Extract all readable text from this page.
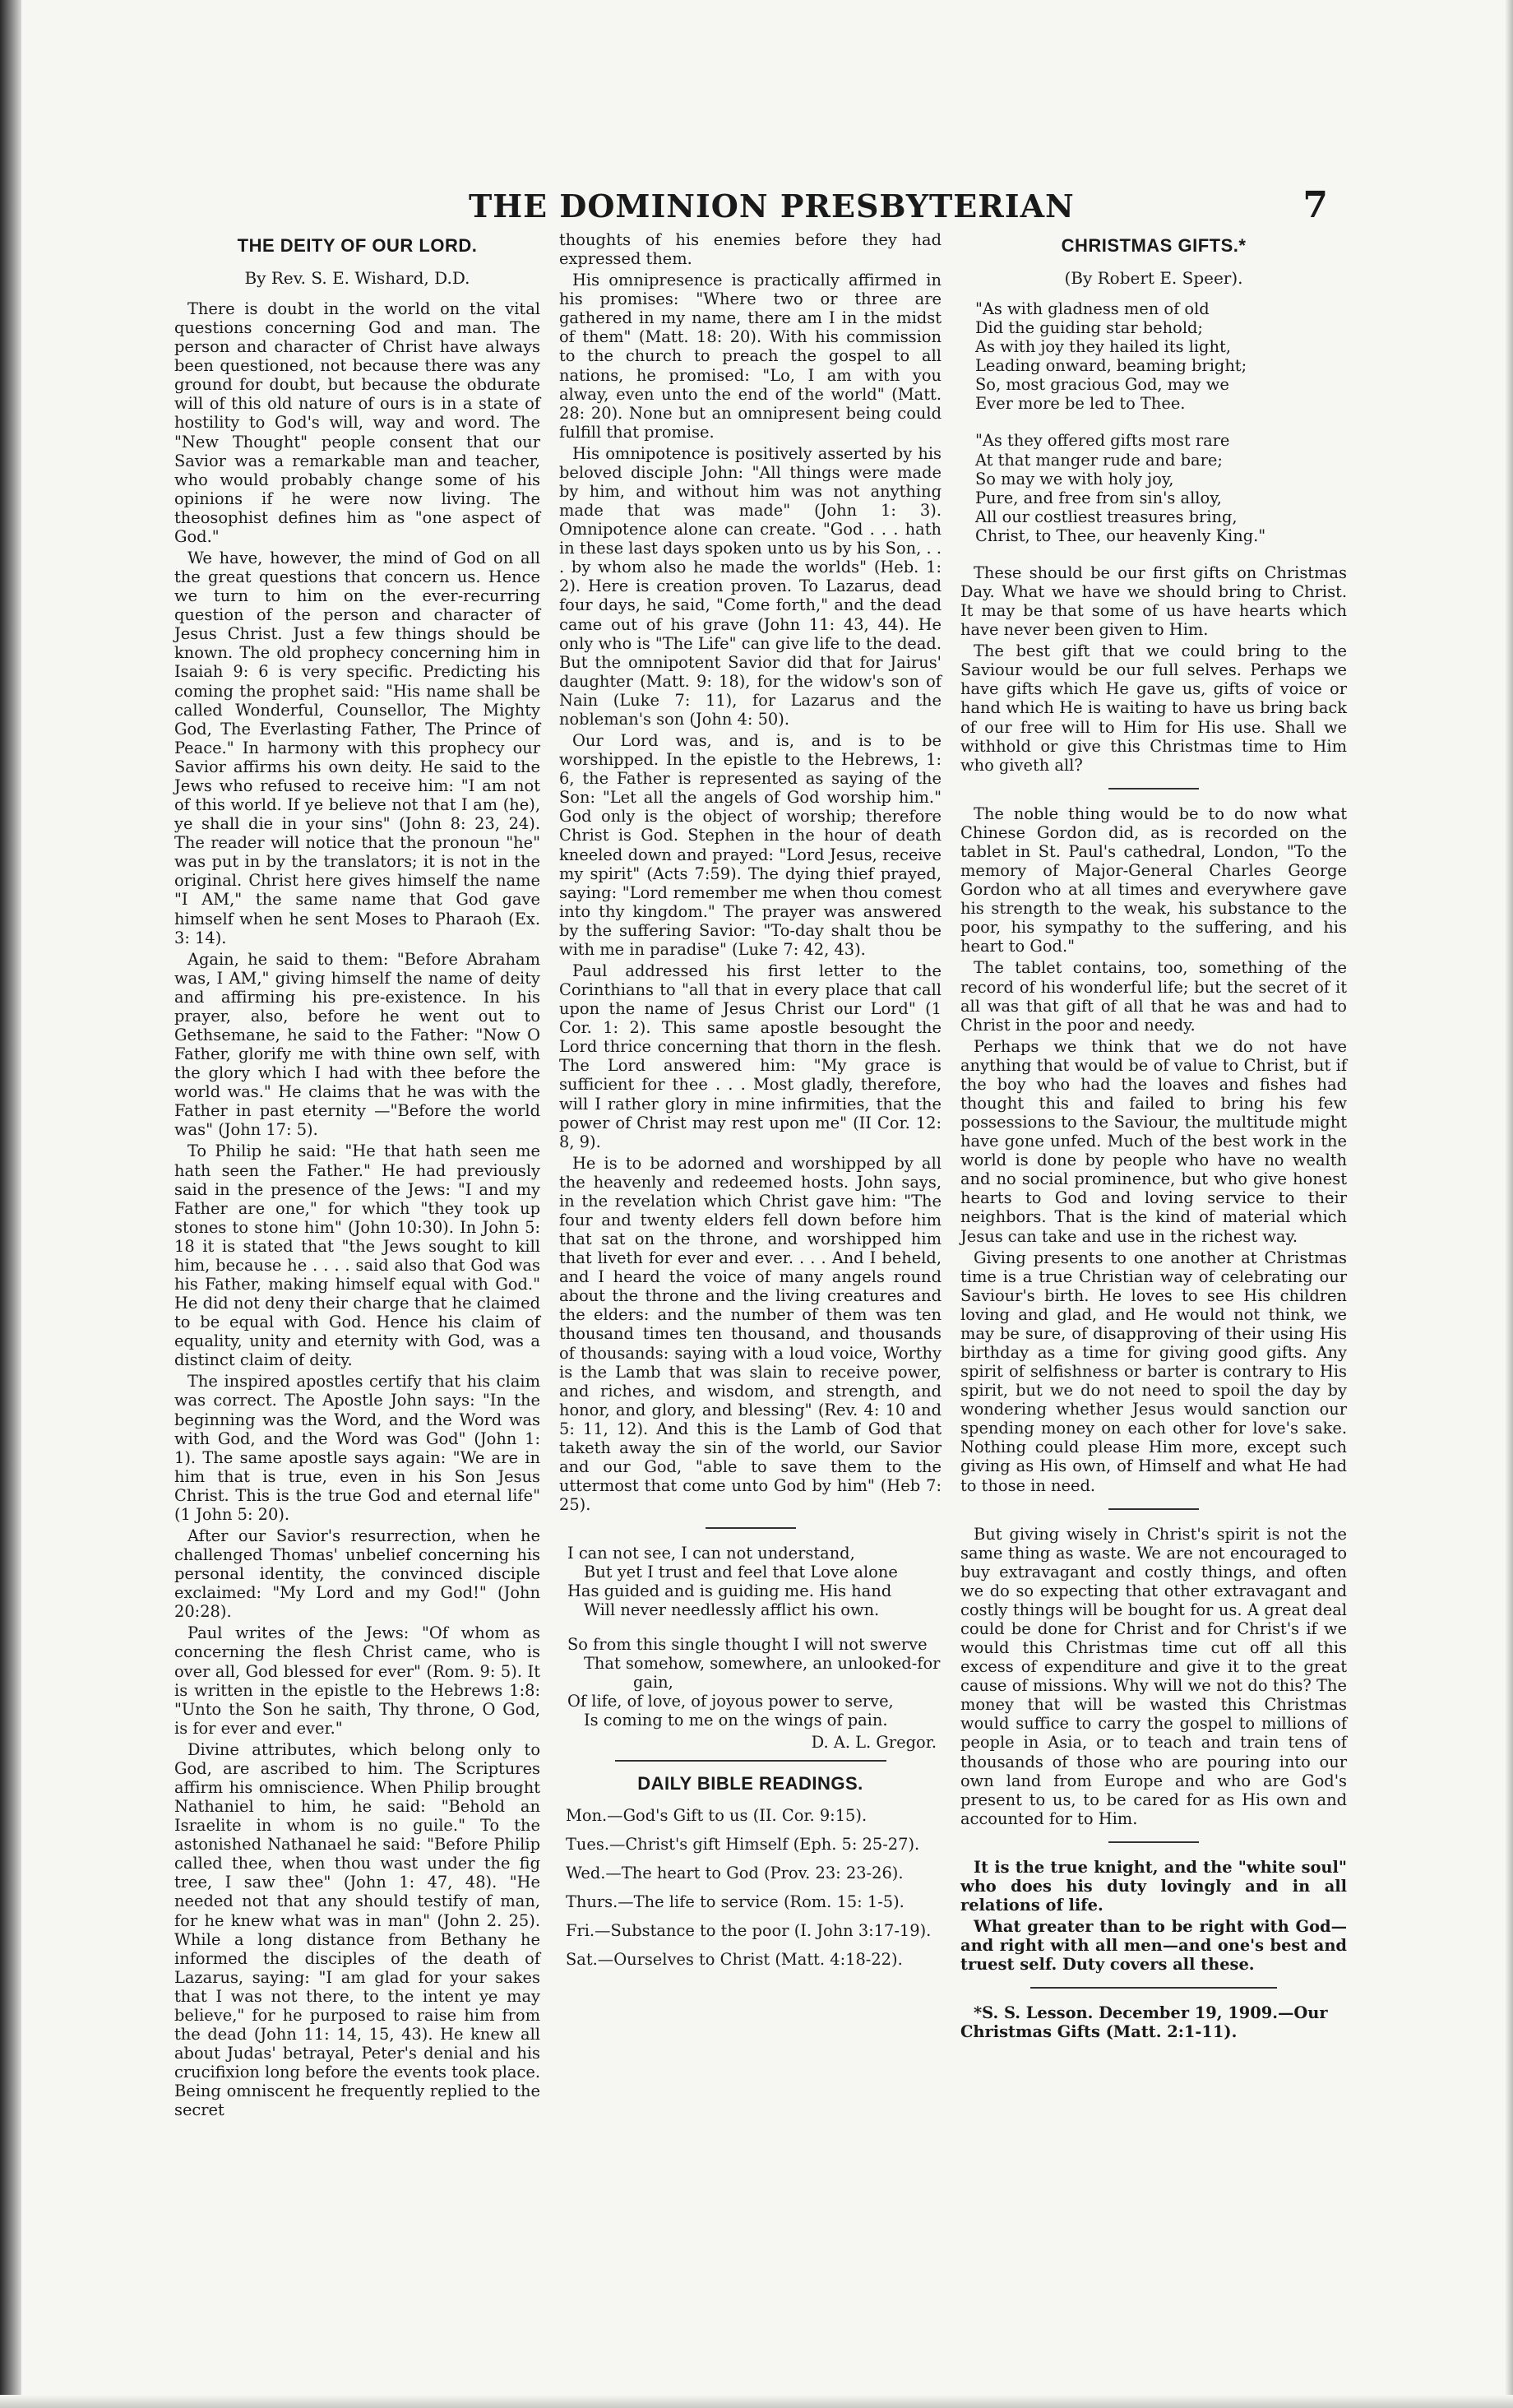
THE DOMINION PRESBYTERIAN	7
THE DEITY OF OUR LORD.
By Rev. S. E. Wishard, D.D.

There is doubt in the world on the vital questions concerning God and man. The person and character of Christ have always been questioned, not because there was any ground for doubt, but because the obdurate will of this old nature of ours is in a state of hostility to God's will, way and word. The "New Thought" people consent that our Savior was a remarkable man and teacher, who would probably change some of his opinions if he were now living. The theosophist defines him as "one aspect of God."

We have, however, the mind of God on all the great questions that concern us. Hence we turn to him on the ever-recurring question of the person and character of Jesus Christ. Just a few things should be known. The old prophecy concerning him in Isaiah 9: 6 is very specific. Predicting his coming the prophet said: "His name shall be called Wonderful, Counsellor, The Mighty God, The Everlasting Father, The Prince of Peace." In harmony with this prophecy our Savior affirms his own deity. He said to the Jews who refused to receive him: "I am not of this world. If ye believe not that I am (he), ye shall die in your sins" (John 8: 23, 24). The reader will notice that the pronoun "he" was put in by the translators; it is not in the original. Christ here gives himself the name "I AM," the same name that God gave himself when he sent Moses to Pharaoh (Ex. 3: 14).

Again, he said to them: "Before Abraham was, I AM," giving himself the name of deity and affirming his pre-existence. In his prayer, also, before he went out to Gethsemane, he said to the Father: "Now O Father, glorify me with thine own self, with the glory which I had with thee before the world was." He claims that he was with the Father in past eternity —"Before the world was" (John 17: 5).

To Philip he said: "He that hath seen me hath seen the Father." He had previously said in the presence of the Jews: "I and my Father are one," for which "they took up stones to stone him" (John 10:30). In John 5: 18 it is stated that "the Jews sought to kill him, because he . . . . said also that God was his Father, making himself equal with God." He did not deny their charge that he claimed to be equal with God. Hence his claim of equality, unity and eternity with God, was a distinct claim of deity.

The inspired apostles certify that his claim was correct. The Apostle John says: "In the beginning was the Word, and the Word was with God, and the Word was God" (John 1: 1). The same apostle says again: "We are in him that is true, even in his Son Jesus Christ. This is the true God and eternal life" (1 John 5: 20).

After our Savior's resurrection, when he challenged Thomas' unbelief concerning his personal identity, the convinced disciple exclaimed: "My Lord and my God!" (John 20:28).

Paul writes of the Jews: "Of whom as concerning the flesh Christ came, who is over all, God blessed for ever" (Rom. 9: 5). It is written in the epistle to the Hebrews 1:8: "Unto the Son he saith, Thy throne, O God, is for ever and ever."

Divine attributes, which belong only to God, are ascribed to him. The Scriptures affirm his omniscience. When Philip brought Nathaniel to him, he said: "Behold an Israelite in whom is no guile." To the astonished Nathanael he said: "Before Philip called thee, when thou wast under the fig tree, I saw thee" (John 1: 47, 48). "He needed not that any should testify of man, for he knew what was in man" (John 2. 25). While a long distance from Bethany he informed the disciples of the death of Lazarus, saying: "I am glad for your sakes that I was not there, to the intent ye may believe," for he purposed to raise him from the dead (John 11: 14, 15, 43). He knew all about Judas' betrayal, Peter's denial and his crucifixion long before the events took place. Being omniscent he frequently replied to the secret

thoughts of his enemies before they had expressed them.

His omnipresence is practically affirmed in his promises: "Where two or three are gathered in my name, there am I in the midst of them" (Matt. 18: 20). With his commission to the church to preach the gospel to all nations, he promised: "Lo, I am with you alway, even unto the end of the world" (Matt. 28: 20). None but an omnipresent being could fulfill that promise.

His omnipotence is positively asserted by his beloved disciple John: "All things were made by him, and without him was not anything made that was made" (John 1: 3). Omnipotence alone can create. "God . . . hath in these last days spoken unto us by his Son, . . . by whom also he made the worlds" (Heb. 1: 2). Here is creation proven. To Lazarus, dead four days, he said, "Come forth," and the dead came out of his grave (John 11: 43, 44). He only who is "The Life" can give life to the dead. But the omnipotent Savior did that for Jairus' daughter (Matt. 9: 18), for the widow's son of Nain (Luke 7: 11), for Lazarus and the nobleman's son (John 4: 50).

Our Lord was, and is, and is to be worshipped. In the epistle to the Hebrews, 1: 6, the Father is represented as saying of the Son: "Let all the angels of God worship him." God only is the object of worship; therefore Christ is God. Stephen in the hour of death kneeled down and prayed: "Lord Jesus, receive my spirit" (Acts 7:59). The dying thief prayed, saying: "Lord remember me when thou comest into thy kingdom." The prayer was answered by the suffering Savior: "To-day shalt thou be with me in paradise" (Luke 7: 42, 43).

Paul addressed his first letter to the Corinthians to "all that in every place that call upon the name of Jesus Christ our Lord" (1 Cor. 1: 2). This same apostle besought the Lord thrice concerning that thorn in the flesh. The Lord answered him: "My grace is sufficient for thee . . . Most gladly, therefore, will I rather glory in mine infirmities, that the power of Christ may rest upon me" (II Cor. 12: 8, 9).

He is to be adorned and worshipped by all the heavenly and redeemed hosts. John says, in the revelation which Christ gave him: "The four and twenty elders fell down before him that sat on the throne, and worshipped him that liveth for ever and ever. . . . And I beheld, and I heard the voice of many angels round about the throne and the living creatures and the elders: and the number of them was ten thousand times ten thousand, and thousands of thousands: saying with a loud voice, Worthy is the Lamb that was slain to receive power, and riches, and wisdom, and strength, and honor, and glory, and blessing" (Rev. 4: 10 and 5: 11, 12). And this is the Lamb of God that taketh away the sin of the world, our Savior and our God, "able to save them to the uttermost that come unto God by him" (Heb 7: 25).

I can not see, I can not understand,
But yet I trust and feel that Love alone
Has guided and is guiding me. His hand
Will never needlessly afflict his own.
So from this single thought I will not swerve
That somehow, somewhere, an unlooked-for gain,
Of life, of love, of joyous power to serve,
Is coming to me on the wings of pain.
D. A. L. Gregor.
DAILY BIBLE READINGS.
Mon.—God's Gift to us (II. Cor. 9:15).
Tues.—Christ's gift Himself (Eph. 5: 25-27).
Wed.—The heart to God (Prov. 23: 23-26).
Thurs.—The life to service (Rom. 15: 1-5).
Fri.—Substance to the poor (I. John 3:17-19).
Sat.—Ourselves to Christ (Matt. 4:18-22).
CHRISTMAS GIFTS.*
(By Robert E. Speer).
"As with gladness men of old
Did the guiding star behold;
As with joy they hailed its light,
Leading onward, beaming bright;
So, most gracious God, may we
Ever more be led to Thee.
"As they offered gifts most rare
At that manger rude and bare;
So may we with holy joy,
Pure, and free from sin's alloy,
All our costliest treasures bring,
Christ, to Thee, our heavenly King."

These should be our first gifts on Christmas Day. What we have we should bring to Christ. It may be that some of us have hearts which have never been given to Him.

The best gift that we could bring to the Saviour would be our full selves. Perhaps we have gifts which He gave us, gifts of voice or hand which He is waiting to have us bring back of our free will to Him for His use. Shall we withhold or give this Christmas time to Him who giveth all?

The noble thing would be to do now what Chinese Gordon did, as is recorded on the tablet in St. Paul's cathedral, London, "To the memory of Major-General Charles George Gordon who at all times and everywhere gave his strength to the weak, his substance to the poor, his sympathy to the suffering, and his heart to God."

The tablet contains, too, something of the record of his wonderful life; but the secret of it all was that gift of all that he was and had to Christ in the poor and needy.

Perhaps we think that we do not have anything that would be of value to Christ, but if the boy who had the loaves and fishes had thought this and failed to bring his few possessions to the Saviour, the multitude might have gone unfed. Much of the best work in the world is done by people who have no wealth and no social prominence, but who give honest hearts to God and loving service to their neighbors. That is the kind of material which Jesus can take and use in the richest way.

Giving presents to one another at Christmas time is a true Christian way of celebrating our Saviour's birth. He loves to see His children loving and glad, and He would not think, we may be sure, of disapproving of their using His birthday as a time for giving good gifts. Any spirit of selfishness or barter is contrary to His spirit, but we do not need to spoil the day by wondering whether Jesus would sanction our spending money on each other for love's sake. Nothing could please Him more, except such giving as His own, of Himself and what He had to those in need.

But giving wisely in Christ's spirit is not the same thing as waste. We are not encouraged to buy extravagant and costly things, and often we do so expecting that other extravagant and costly things will be bought for us. A great deal could be done for Christ and for Christ's if we would this Christmas time cut off all this excess of expenditure and give it to the great cause of missions. Why will we not do this? The money that will be wasted this Christmas would suffice to carry the gospel to millions of people in Asia, or to teach and train tens of thousands of those who are pouring into our own land from Europe and who are God's present to us, to be cared for as His own and accounted for to Him.

It is the true knight, and the "white soul" who does his duty lovingly and in all relations of life.

What greater than to be right with God—and right with all men—and one's best and truest self. Duty covers all these.

*S. S. Lesson. December 19, 1909.—Our Christmas Gifts (Matt. 2:1-11).
